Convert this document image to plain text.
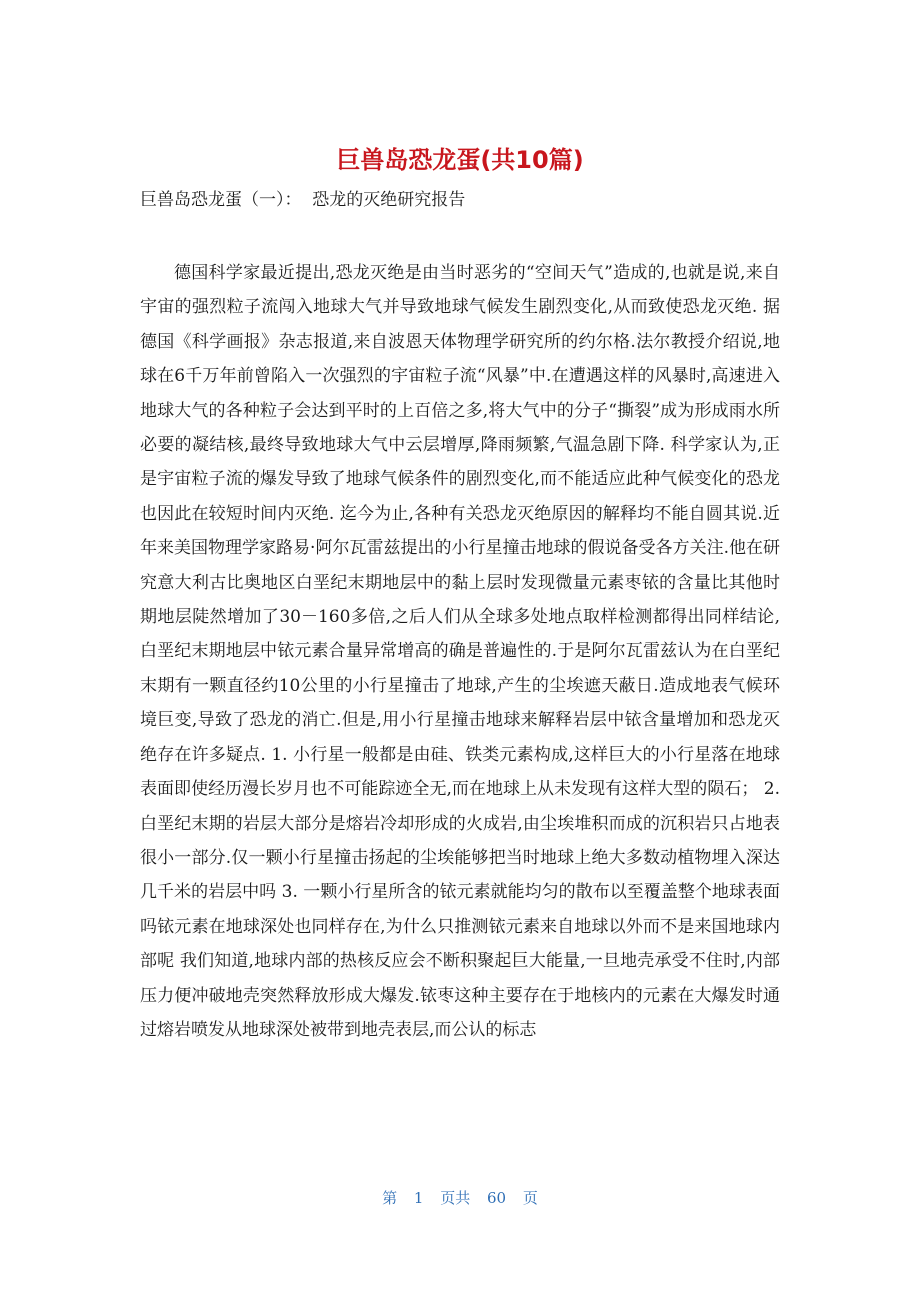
巨兽岛恐龙蛋(共10篇)
巨兽岛恐龙蛋（一）：  恐龙的灭绝研究报告

德国科学家最近提出,恐龙灭绝是由当时恶劣的“空间天气”造成的,也就是说,来自宇宙的强烈粒子流闯入地球大气并导致地球气候发生剧烈变化,从而致使恐龙灭绝. 据德国《科学画报》杂志报道,来自波恩天体物理学研究所的约尔格.法尔教授介绍说,地球在6千万年前曾陷入一次强烈的宇宙粒子流“风暴”中.在遭遇这样的风暴时,高速进入地球大气的各种粒子会达到平时的上百倍之多,将大气中的分子“撕裂”成为形成雨水所必要的凝结核,最终导致地球大气中云层增厚,降雨频繁,气温急剧下降. 科学家认为,正是宇宙粒子流的爆发导致了地球气候条件的剧烈变化,而不能适应此种气候变化的恐龙也因此在较短时间内灭绝. 迄今为止,各种有关恐龙灭绝原因的解释均不能自圆其说.近年来美国物理学家路易·阿尔瓦雷兹提出的小行星撞击地球的假说备受各方关注.他在研究意大利古比奥地区白垩纪末期地层中的黏上层时发现微量元素枣铱的含量比其他时期地层陡然增加了30－160多倍,之后人们从全球多处地点取样检测都得出同样结论,白垩纪末期地层中铱元素合量异常增高的确是普遍性的.于是阿尔瓦雷兹认为在白垩纪末期有一颗直径约10公里的小行星撞击了地球,产生的尘埃遮天蔽日.造成地表气候环境巨变,导致了恐龙的消亡.但是,用小行星撞击地球来解释岩层中铱含量增加和恐龙灭绝存在许多疑点. 1. 小行星一般都是由硅、铁类元素构成,这样巨大的小行星落在地球表面即使经历漫长岁月也不可能踪迹全无,而在地球上从未发现有这样大型的陨石； 2. 白垩纪末期的岩层大部分是熔岩冷却形成的火成岩,由尘埃堆积而成的沉积岩只占地表很小一部分.仅一颗小行星撞击扬起的尘埃能够把当时地球上绝大多数动植物埋入深达几千米的岩层中吗 3. 一颗小行星所含的铱元素就能均匀的散布以至覆盖整个地球表面吗铱元素在地球深处也同样存在,为什么只推测铱元素来自地球以外而不是来国地球内部呢 我们知道,地球内部的热核反应会不断积聚起巨大能量,一旦地壳承受不住时,内部压力便冲破地壳突然释放形成大爆发.铱枣这种主要存在于地核内的元素在大爆发时通过熔岩喷发从地球深处被带到地壳表层,而公认的标志

第 1 页共 60 页
